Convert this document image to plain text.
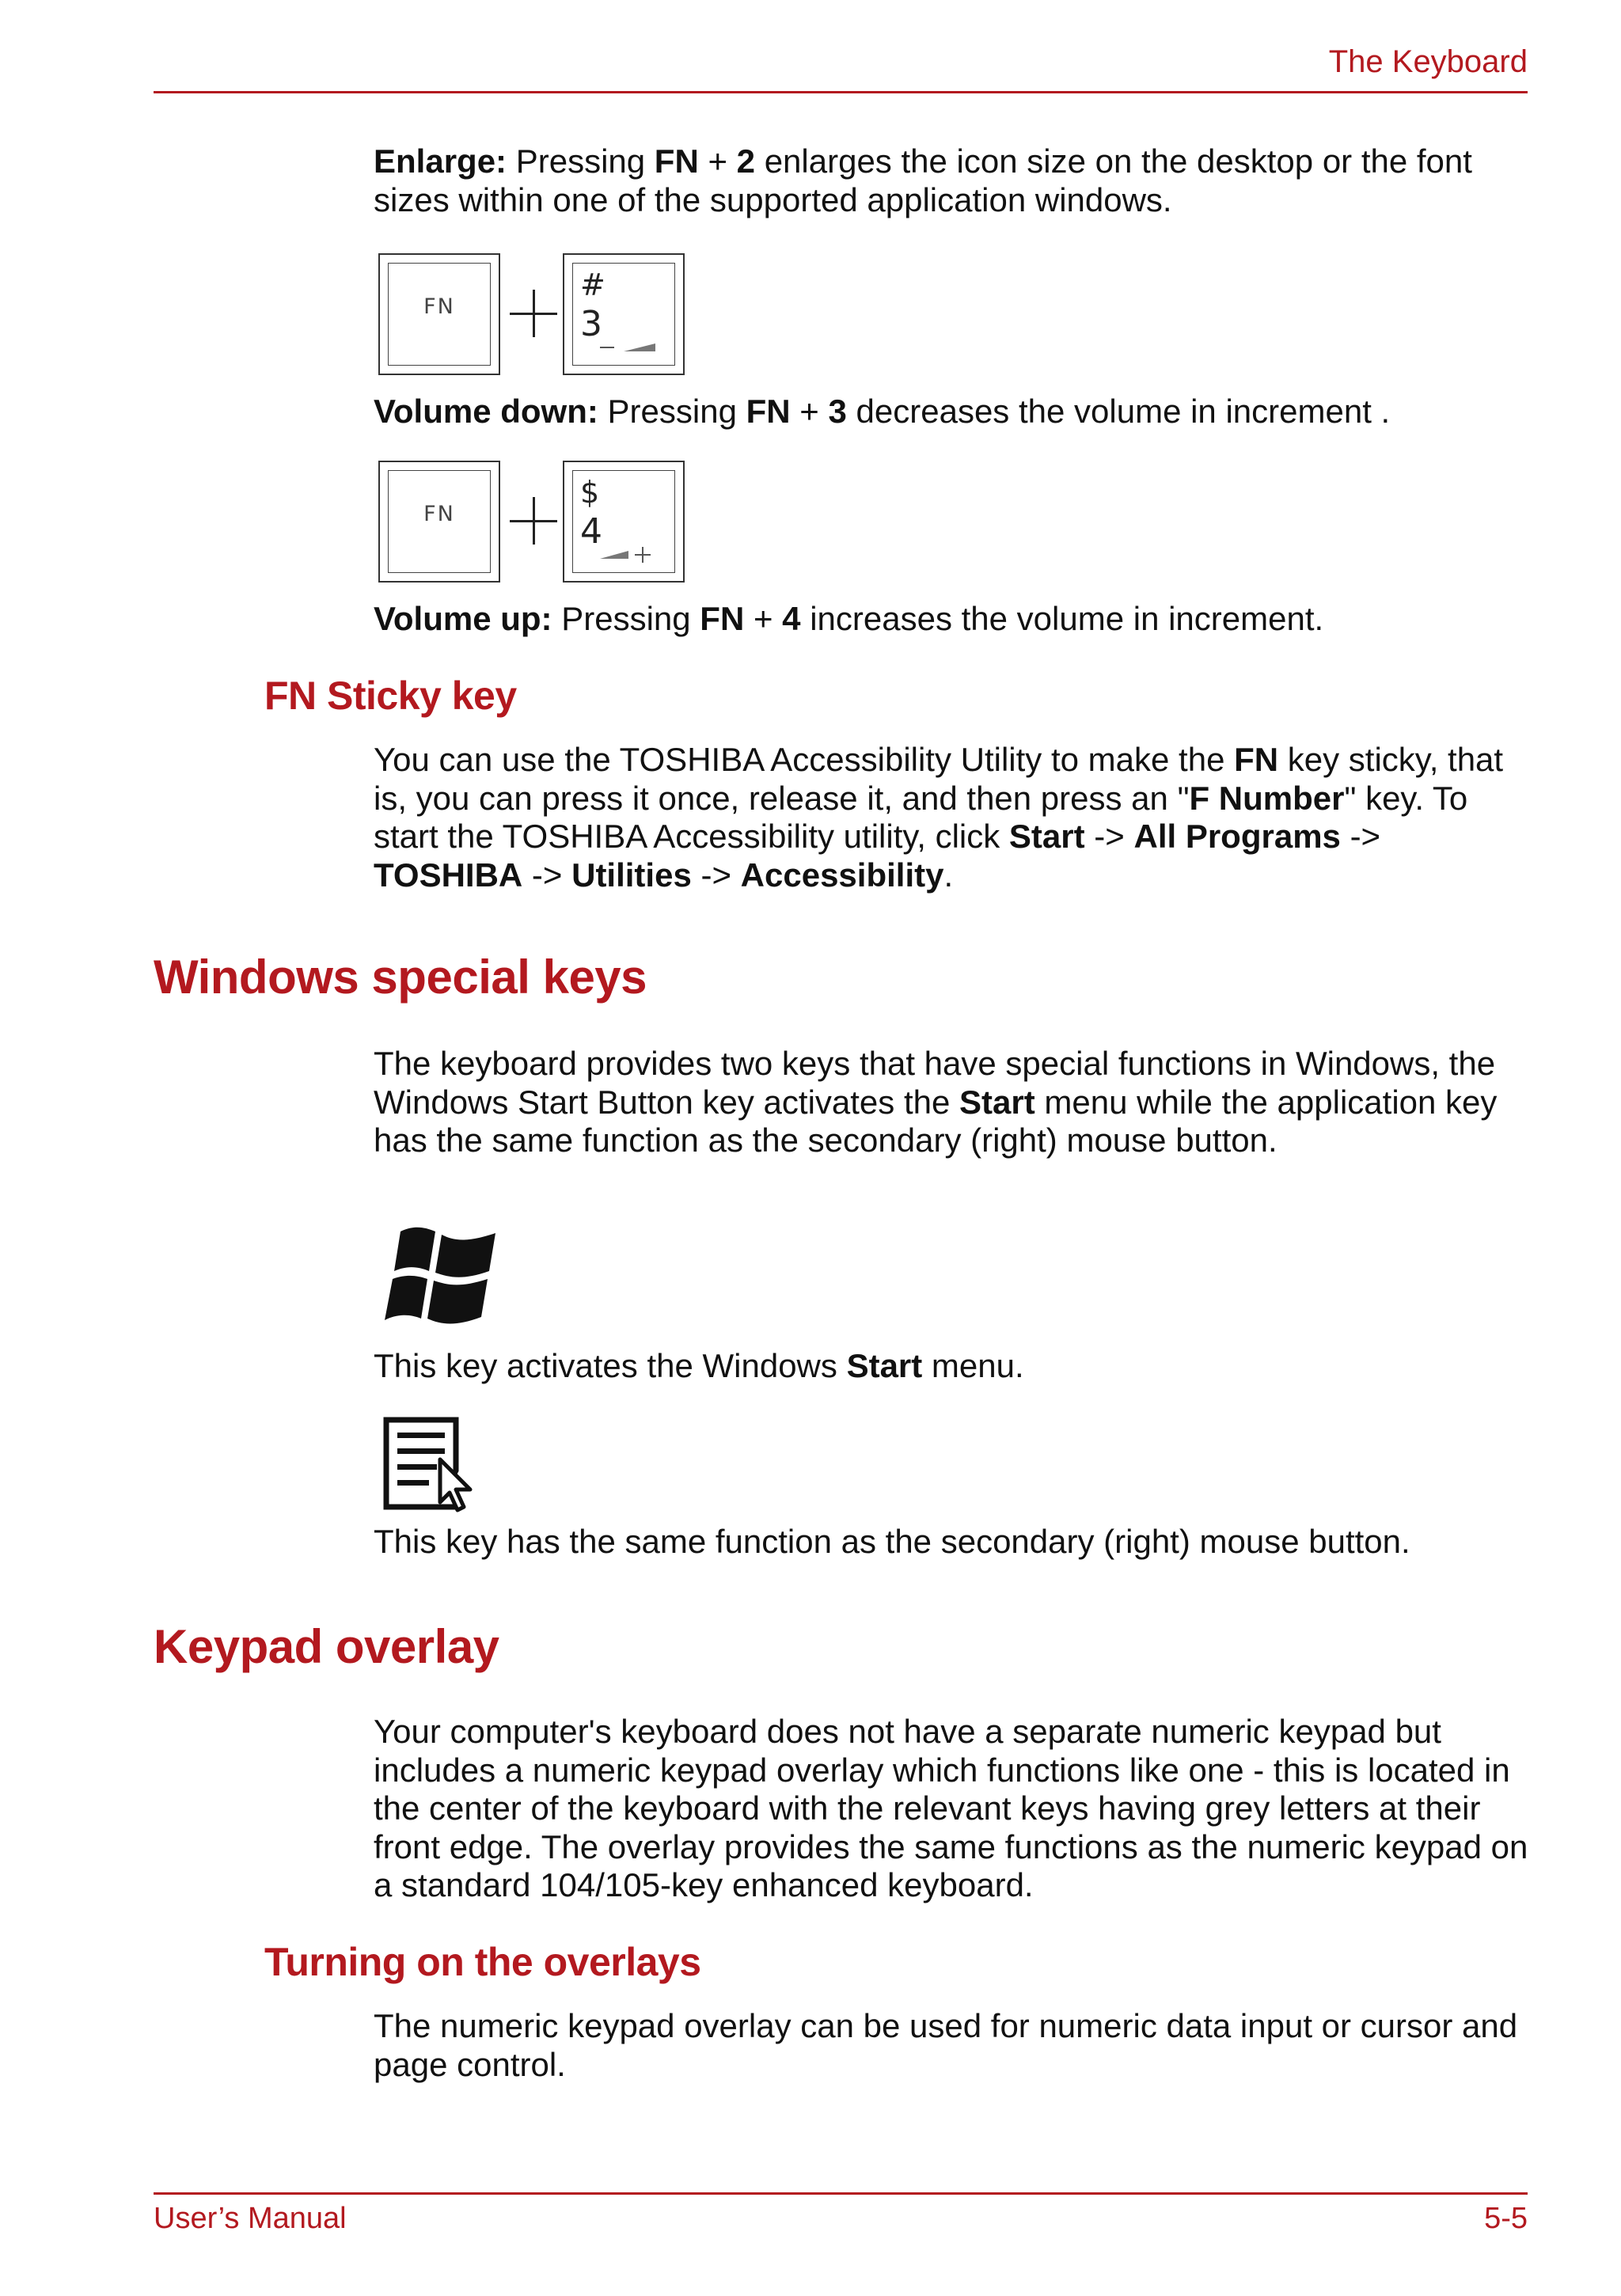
The Keyboard

Enlarge: Pressing FN + 2 enlarges the icon size on the desktop or the font sizes within one of the supported application windows.

FN
#
3

Volume down: Pressing FN + 3 decreases the volume in increment .

FN
$
4

Volume up: Pressing FN + 4 increases the volume in increment.

FN Sticky key

You can use the TOSHIBA Accessibility Utility to make the FN key sticky, that is, you can press it once, release it, and then press an "F Number" key. To start the TOSHIBA Accessibility utility, click Start -> All Programs -> TOSHIBA -> Utilities -> Accessibility.

Windows special keys

The keyboard provides two keys that have special functions in Windows, the Windows Start Button key activates the Start menu while the application key has the same function as the secondary (right) mouse button.

This key activates the Windows Start menu.

This key has the same function as the secondary (right) mouse button.

Keypad overlay

Your computer's keyboard does not have a separate numeric keypad but includes a numeric keypad overlay which functions like one - this is located in the center of the keyboard with the relevant keys having grey letters at their front edge. The overlay provides the same functions as the numeric keypad on a standard 104/105-key enhanced keyboard.

Turning on the overlays

The numeric keypad overlay can be used for numeric data input or cursor and page control.

User’s Manual	5-5
